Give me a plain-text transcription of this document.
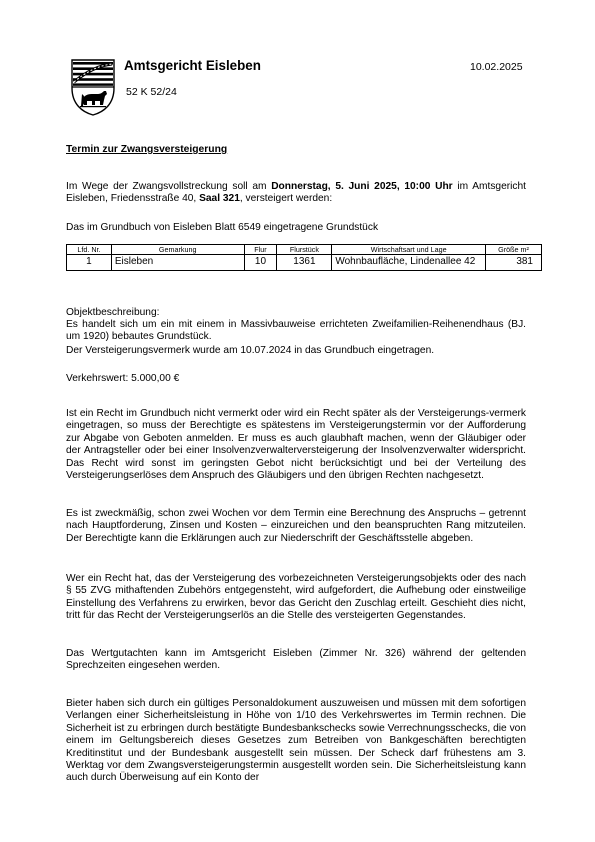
Amtsgericht Eisleben
52 K 52/24
10.02.2025
Termin zur Zwangsversteigerung

Im Wege der Zwangsvollstreckung soll am Donnerstag, 5. Juni 2025, 10:00 Uhr im Amtsgericht Eisleben, Friedensstraße 40, Saal 321, versteigert werden:

Das im Grundbuch von Eisleben Blatt 6549 eingetragene Grundstück

Lfd. Nr.	Gemarkung	Flur	Flurstück	Wirtschaftsart und Lage	Größe m²
1	Eisleben	10	1361	Wohnbaufläche, Lindenallee 42	381

Objektbeschreibung:

Es handelt sich um ein mit einem in Massivbauweise errichteten Zweifamilien-Reihenendhaus (BJ. um 1920) bebautes Grundstück.

Der Versteigerungsvermerk wurde am 10.07.2024 in das Grundbuch eingetragen.

Verkehrswert: 5.000,00 €

Ist ein Recht im Grundbuch nicht vermerkt oder wird ein Recht später als der Versteigerungs-vermerk eingetragen, so muss der Berechtigte es spätestens im Versteigerungstermin vor der Aufforderung zur Abgabe von Geboten anmelden. Er muss es auch glaubhaft machen, wenn der Gläubiger oder der Antragsteller oder bei einer Insolvenzverwalterversteigerung der Insolvenzverwalter widerspricht. Das Recht wird sonst im geringsten Gebot nicht berücksichtigt und bei der Verteilung des Versteigerungserlöses dem Anspruch des Gläubigers und den übrigen Rechten nachgesetzt.

Es ist zweckmäßig, schon zwei Wochen vor dem Termin eine Berechnung des Anspruchs – getrennt nach Hauptforderung, Zinsen und Kosten – einzureichen und den beanspruchten Rang mitzuteilen. Der Berechtigte kann die Erklärungen auch zur Niederschrift der Geschäftsstelle abgeben.

Wer ein Recht hat, das der Versteigerung des vorbezeichneten Versteigerungsobjekts oder des nach § 55 ZVG mithaftenden Zubehörs entgegensteht, wird aufgefordert, die Aufhebung oder einstweilige Einstellung des Verfahrens zu erwirken, bevor das Gericht den Zuschlag erteilt. Geschieht dies nicht, tritt für das Recht der Versteigerungserlös an die Stelle des versteigerten Gegenstandes.

Das Wertgutachten kann im Amtsgericht Eisleben (Zimmer Nr. 326) während der geltenden Sprechzeiten eingesehen werden.

Bieter haben sich durch ein gültiges Personaldokument auszuweisen und müssen mit dem sofortigen Verlangen einer Sicherheitsleistung in Höhe von 1/10 des Verkehrswertes im Termin rechnen. Die Sicherheit ist zu erbringen durch bestätigte Bundesbankschecks sowie Verrechnungsschecks, die von einem im Geltungsbereich dieses Gesetzes zum Betreiben von Bankgeschäften berechtigten Kreditinstitut und der Bundesbank ausgestellt sein müssen. Der Scheck darf frühestens am 3. Werktag vor dem Zwangsversteigerungstermin ausgestellt worden sein. Die Sicherheitsleistung kann auch durch Überweisung auf ein Konto der
